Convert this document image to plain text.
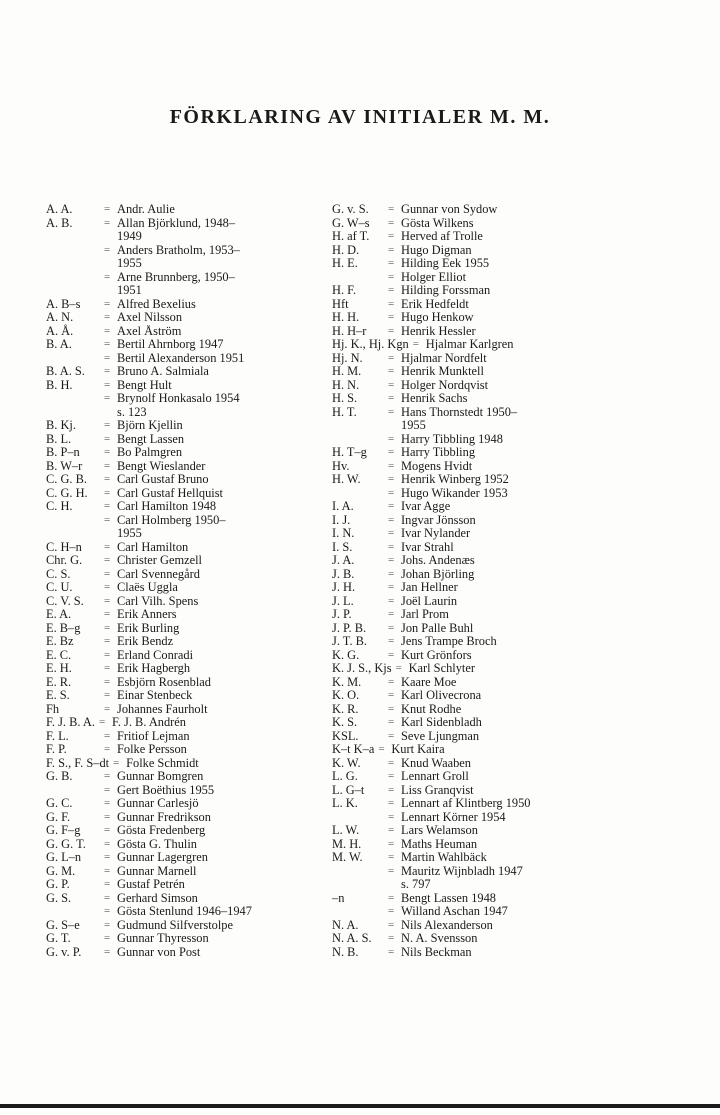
FÖRKLARING AV INITIALER M. M.
A. A.	= Andr. Aulie
A. B.	= Allan Björklund, 1948–
1949
= Anders Bratholm, 1953–
1955
= Arne Brunnberg, 1950–
1951
A. B–s	= Alfred Bexelius
A. N.	= Axel Nilsson
A. Å.	= Axel Åström
B. A.	= Bertil Ahrnborg 1947
= Bertil Alexanderson 1951
B. A. S.	= Bruno A. Salmiala
B. H.	= Bengt Hult
= Brynolf Honkasalo 1954
s. 123
B. Kj.	= Björn Kjellin
B. L.	= Bengt Lassen
B. P–n	= Bo Palmgren
B. W–r	= Bengt Wieslander
C. G. B.	= Carl Gustaf Bruno
C. G. H.	= Carl Gustaf Hellquist
C. H.	= Carl Hamilton 1948
= Carl Holmberg 1950–
1955
C. H–n	= Carl Hamilton
Chr. G.	= Christer Gemzell
C. S.	= Carl Svennegård
C. U.	= Claës Uggla
C. V. S.	= Carl Vilh. Spens
E. A.	= Erik Anners
E. B–g	= Erik Burling
E. Bz	= Erik Bendz
E. C.	= Erland Conradi
E. H.	= Erik Hagbergh
E. R.	= Esbjörn Rosenblad
E. S.	= Einar Stenbeck
Fh	= Johannes Faurholt
F. J. B. A. = F. J. B. Andrén
F. L.	= Fritiof Lejman
F. P.	= Folke Persson
F. S., F. S–dt = Folke Schmidt
G. B.	= Gunnar Bomgren
= Gert Boëthius 1955
G. C.	= Gunnar Carlesjö
G. F.	= Gunnar Fredrikson
G. F–g	= Gösta Fredenberg
G. G. T.	= Gösta G. Thulin
G. L–n	= Gunnar Lagergren
G. M.	= Gunnar Marnell
G. P.	= Gustaf Petrén
G. S.	= Gerhard Simson
= Gösta Stenlund 1946–1947
G. S–e	= Gudmund Silfverstolpe
G. T.	= Gunnar Thyresson
G. v. P.	= Gunnar von Post
G. v. S.	= Gunnar von Sydow
G. W–s	= Gösta Wilkens
H. af T.	= Herved af Trolle
H. D.	= Hugo Digman
H. E.	= Hilding Eek 1955
= Holger Elliot
H. F.	= Hilding Forssman
Hft	= Erik Hedfeldt
H. H.	= Hugo Henkow
H. H–r	= Henrik Hessler
Hj. K., Hj. Kgn = Hjalmar Karlgren
Hj. N.	= Hjalmar Nordfelt
H. M.	= Henrik Munktell
H. N.	= Holger Nordqvist
H. S.	= Henrik Sachs
H. T.	= Hans Thornstedt 1950–
1955
= Harry Tibbling 1948
H. T–g	= Harry Tibbling
Hv.	= Mogens Hvidt
H. W.	= Henrik Winberg 1952
= Hugo Wikander 1953
I. A.	= Ivar Agge
I. J.	= Ingvar Jönsson
I. N.	= Ivar Nylander
I. S.	= Ivar Strahl
J. A.	= Johs. Andenæs
J. B.	= Johan Björling
J. H.	= Jan Hellner
J. L.	= Joël Laurin
J. P.	= Jarl Prom
J. P. B.	= Jon Palle Buhl
J. T. B.	= Jens Trampe Broch
K. G.	= Kurt Grönfors
K. J. S., Kjs = Karl Schlyter
K. M.	= Kaare Moe
K. O.	= Karl Olivecrona
K. R.	= Knut Rodhe
K. S.	= Karl Sidenbladh
KSL.	= Seve Ljungman
K–t K–a = Kurt Kaira
K. W.	= Knud Waaben
L. G.	= Lennart Groll
L. G–t	= Liss Granqvist
L. K.	= Lennart af Klintberg 1950
= Lennart Körner 1954
L. W.	= Lars Welamson
M. H.	= Maths Heuman
M. W.	= Martin Wahlbäck
= Mauritz Wijnbladh 1947
s. 797
–n	= Bengt Lassen 1948
= Willand Aschan 1947
N. A.	= Nils Alexanderson
N. A. S.	= N. A. Svensson
N. B.	= Nils Beckman
